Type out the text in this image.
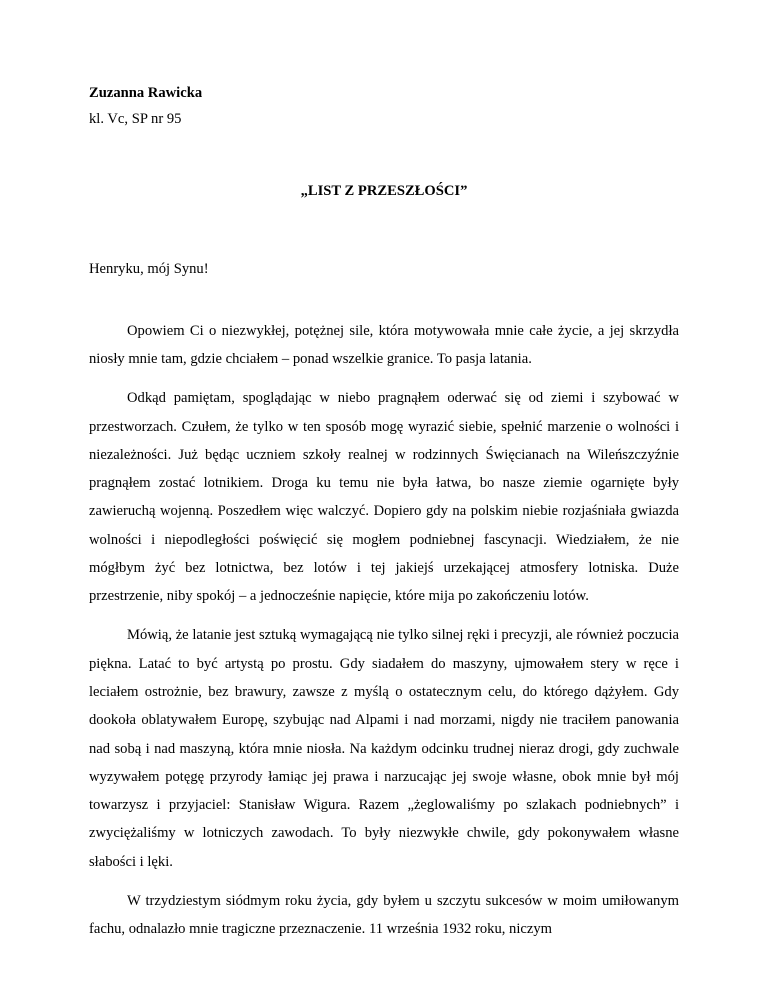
Zuzanna Rawicka
kl. Vc, SP nr 95
„LIST Z PRZESZŁOŚCI”
Henryku, mój Synu!

Opowiem Ci o niezwykłej, potężnej sile, która motywowała mnie całe życie, a jej skrzydła niosły mnie tam, gdzie chciałem – ponad wszelkie granice. To pasja latania.

Odkąd pamiętam, spoglądając w niebo pragnąłem oderwać się od ziemi i szybować w przestworzach. Czułem, że tylko w ten sposób mogę wyrazić siebie, spełnić marzenie o wolności i niezależności. Już będąc uczniem szkoły realnej w rodzinnych Święcianach na Wileńszczyźnie pragnąłem zostać lotnikiem. Droga ku temu nie była łatwa, bo nasze ziemie ogarnięte były zawieruchą wojenną. Poszedłem więc walczyć. Dopiero gdy na polskim niebie rozjaśniała gwiazda wolności i niepodległości poświęcić się mogłem podniebnej fascynacji. Wiedziałem, że nie mógłbym żyć bez lotnictwa, bez lotów i tej jakiejś urzekającej atmosfery lotniska. Duże przestrzenie, niby spokój – a jednocześnie napięcie, które mija po zakończeniu lotów.

Mówią, że latanie jest sztuką wymagającą nie tylko silnej ręki i precyzji, ale również poczucia piękna. Latać to być artystą po prostu. Gdy siadałem do maszyny, ujmowałem stery w ręce i leciałem ostrożnie, bez brawury, zawsze z myślą o ostatecznym celu, do którego dążyłem. Gdy dookoła oblatywałem Europę, szybując nad Alpami i nad morzami, nigdy nie traciłem panowania nad sobą i nad maszyną, która mnie niosła. Na każdym odcinku trudnej nieraz drogi, gdy zuchwale wyzywałem potęgę przyrody łamiąc jej prawa i narzucając jej swoje własne, obok mnie był mój towarzysz i przyjaciel: Stanisław Wigura. Razem „żeglowaliśmy po szlakach podniebnych” i zwyciężaliśmy w lotniczych zawodach. To były niezwykłe chwile, gdy pokonywałem własne słabości i lęki.

W trzydziestym siódmym roku życia, gdy byłem u szczytu sukcesów w moim umiłowanym fachu, odnalazło mnie tragiczne przeznaczenie. 11 września 1932 roku, niczym
